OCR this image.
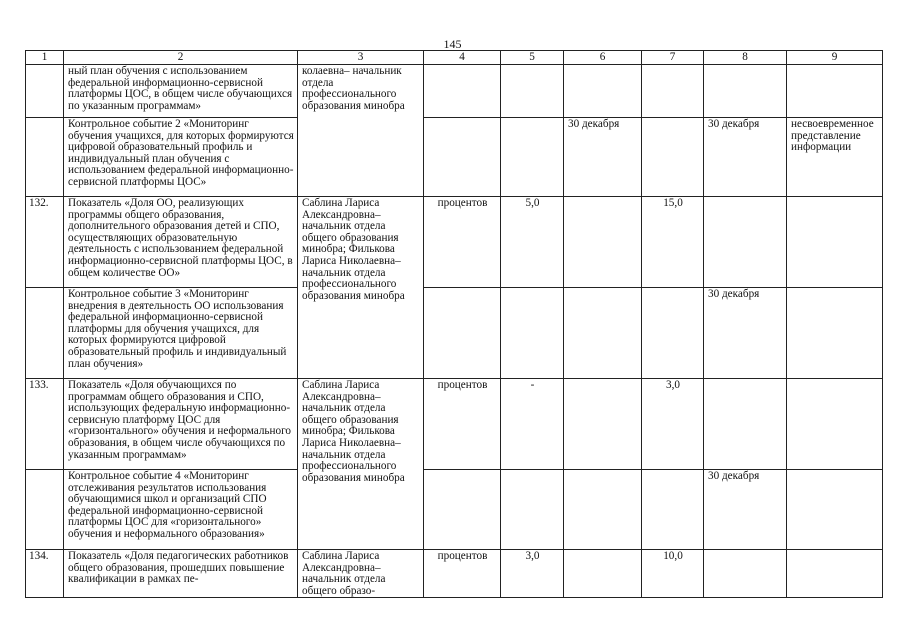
145
1	2	3	4	5	6	7	8	9
	ный план обучения с использованием федеральной информационно-сервисной платформы ЦОС, в общем числе обучающихся по указанным программам»	колаевна– начальник отдела профессионального образования минобра						
	Контрольное событие 2 «Мониторинг обучения учащихся, для которых формируются цифровой образовательный профиль и индивидуальный план обучения с использованием федеральной информационно-сервисной платформы ЦОС»				30 декабря		30 декабря	несвоевременное представление информации
132.	Показатель «Доля ОО, реализующих программы общего образования, дополнительного образования детей и СПО, осуществляющих образовательную деятельность с использованием федеральной информационно-сервисной платформы ЦОС, в общем количестве ОО»	Саблина Лариса Александровна– начальник отдела общего образования минобра; Филькова Лариса Николаевна– начальник отдела профессионального образования минобра	процентов	5,0		15,0		
	Контрольное событие 3 «Мониторинг внедрения в деятельность ОО использования федеральной информационно-сервисной платформы для обучения учащихся, для которых формируются цифровой образовательный профиль и индивидуальный план обучения»						30 декабря	
133.	Показатель «Доля обучающихся по программам общего образования и СПО, использующих федеральную информационно-сервисную платформу ЦОС для «горизонтального» обучения и неформального образования, в общем числе обучающихся по указанным программам»	Саблина Лариса Александровна– начальник отдела общего образования минобра; Филькова Лариса Николаевна– начальник отдела профессионального образования минобра	процентов	-		3,0		
	Контрольное событие 4 «Мониторинг отслеживания результатов использования обучающимися школ и организаций СПО федеральной информационно-сервисной платформы ЦОС для «горизонтального» обучения и неформального образования»						30 декабря	
134.	Показатель «Доля педагогических работников общего образования, прошедших повышение квалификации в рамках пе-	Саблина Лариса Александровна– начальник отдела общего образо-	процентов	3,0		10,0		
